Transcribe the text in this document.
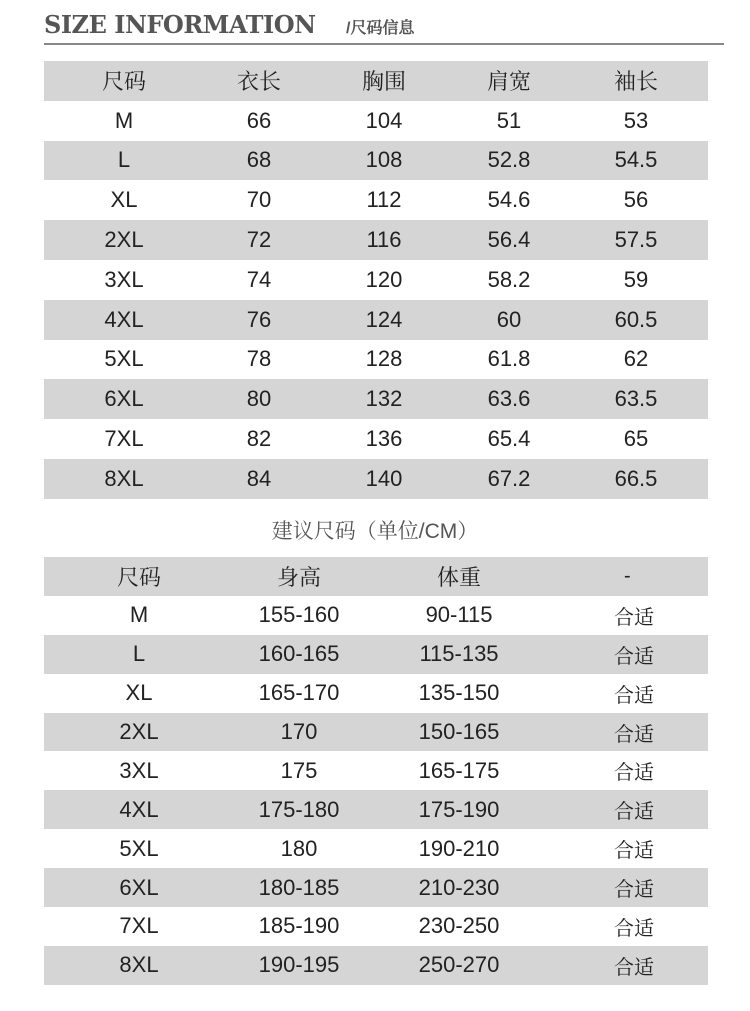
SIZE INFORMATION /尺码信息
尺码	衣长	胸围	肩宽	袖长
M	66	104	51	53
L	68	108	52.8	54.5
XL	70	112	54.6	56
2XL	72	116	56.4	57.5
3XL	74	120	58.2	59
4XL	76	124	60	60.5
5XL	78	128	61.8	62
6XL	80	132	63.6	63.5
7XL	82	136	65.4	65
8XL	84	140	67.2	66.5
建议尺码（单位/CM）
尺码	身高	体重	-
M	155-160	90-115	合适
L	160-165	115-135	合适
XL	165-170	135-150	合适
2XL	170	150-165	合适
3XL	175	165-175	合适
4XL	175-180	175-190	合适
5XL	180	190-210	合适
6XL	180-185	210-230	合适
7XL	185-190	230-250	合适
8XL	190-195	250-270	合适
